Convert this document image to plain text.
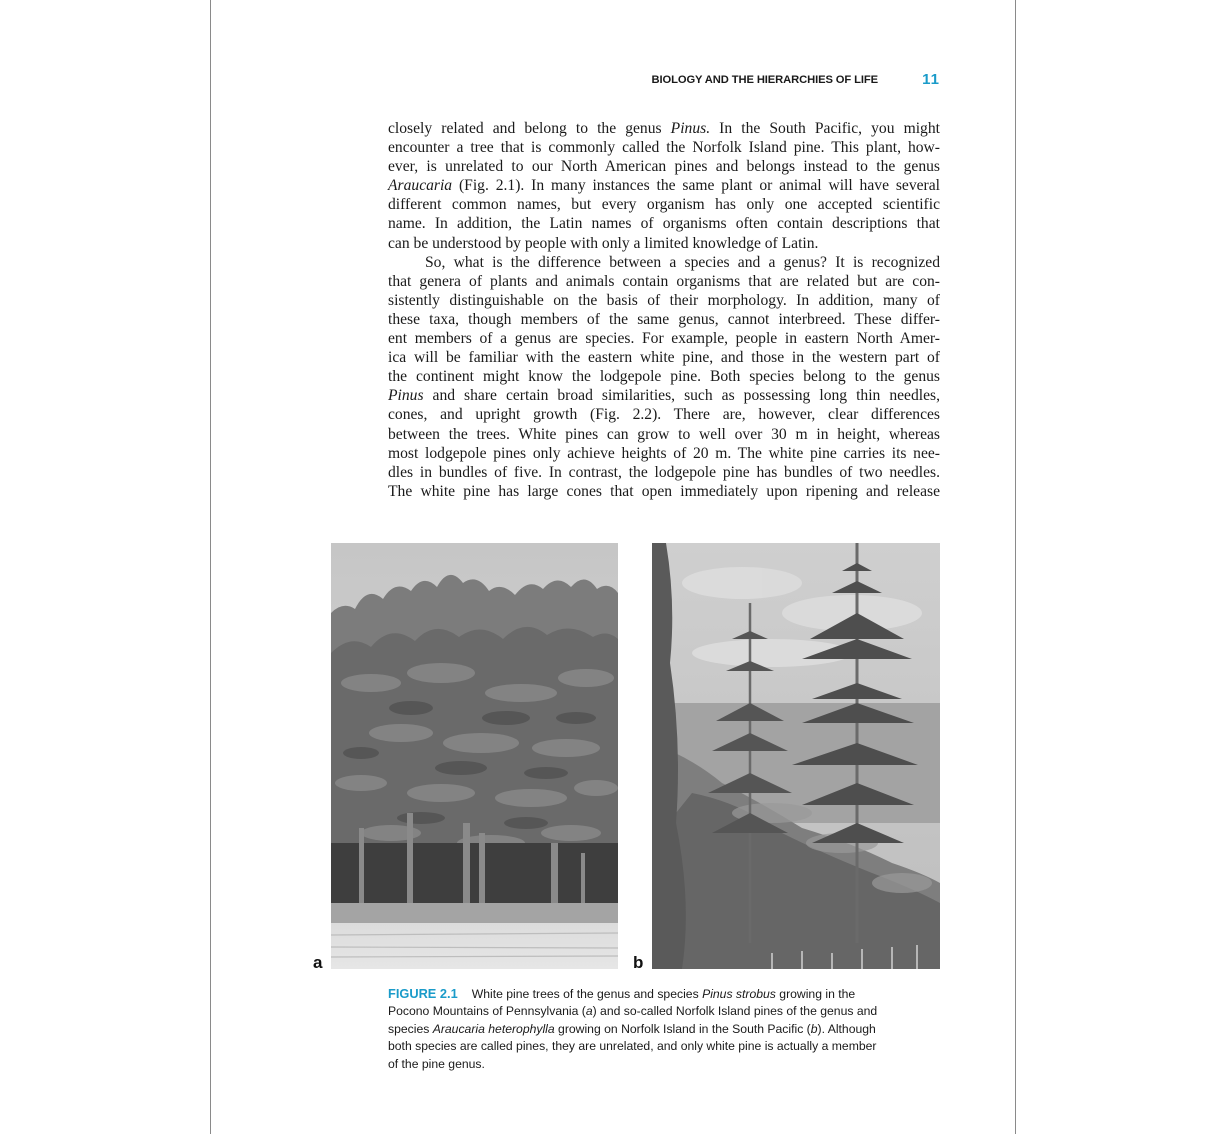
BIOLOGY AND THE HIERARCHIES OF LIFE	11
closely related and belong to the genus Pinus. In the South Pacific, you might
encounter a tree that is commonly called the Norfolk Island pine. This plant, how-
ever, is unrelated to our North American pines and belongs instead to the genus
Araucaria (Fig. 2.1). In many instances the same plant or animal will have several
different common names, but every organism has only one accepted scientific
name. In addition, the Latin names of organisms often contain descriptions that
can be understood by people with only a limited knowledge of Latin.
So, what is the difference between a species and a genus? It is recognized
that genera of plants and animals contain organisms that are related but are con-
sistently distinguishable on the basis of their morphology. In addition, many of
these taxa, though members of the same genus, cannot interbreed. These differ-
ent members of a genus are species. For example, people in eastern North Amer-
ica will be familiar with the eastern white pine, and those in the western part of
the continent might know the lodgepole pine. Both species belong to the genus
Pinus and share certain broad similarities, such as possessing long thin needles,
cones, and upright growth (Fig. 2.2). There are, however, clear differences
between the trees. White pines can grow to well over 30 m in height, whereas
most lodgepole pines only achieve heights of 20 m. The white pine carries its nee-
dles in bundles of five. In contrast, the lodgepole pine has bundles of two needles.
The white pine has large cones that open immediately upon ripening and release
a	b
FIGURE 2.1 White pine trees of the genus and species Pinus strobus growing in the
Pocono Mountains of Pennsylvania (a) and so-called Norfolk Island pines of the genus and
species Araucaria heterophylla growing on Norfolk Island in the South Pacific (b). Although
both species are called pines, they are unrelated, and only white pine is actually a member
of the pine genus.
